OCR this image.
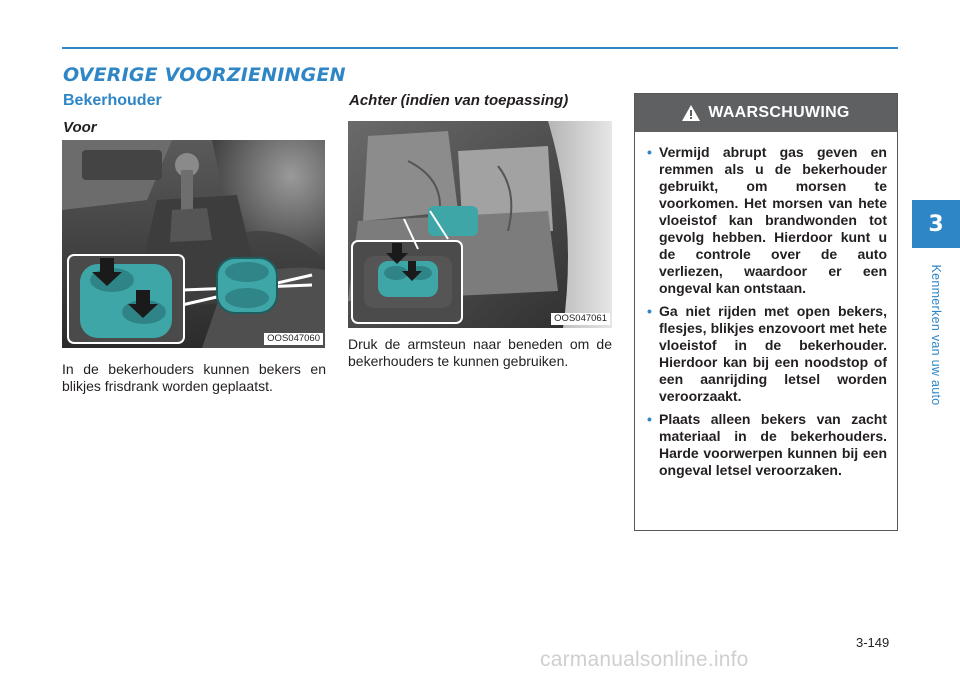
OVERIGE VOORZIENINGEN
Bekerhouder
Voor
OOS047060

In de bekerhouders kunnen bekers en blikjes frisdrank worden geplaatst.

Achter (indien van toepassing)
OOS047061

Druk de armsteun naar beneden om de bekerhouders te kunnen gebruiken.

WAARSCHUWING
• Vermijd abrupt gas geven en remmen als u de bekerhouder gebruikt, om morsen te voorkomen. Het morsen van hete vloeistof kan brandwonden tot gevolg hebben. Hierdoor kunt u de controle over de auto verliezen, waardoor er een ongeval kan ontstaan.
• Ga niet rijden met open bekers, flesjes, blikjes enzovoort met hete vloeistof in de bekerhouder. Hierdoor kan bij een noodstop of een aanrijding letsel worden veroorzaakt.
• Plaats alleen bekers van zacht materiaal in de bekerhouders. Harde voorwerpen kunnen bij een ongeval letsel veroorzaken.
3
Kenmerken van uw auto
3-149
carmanualsonline.info
